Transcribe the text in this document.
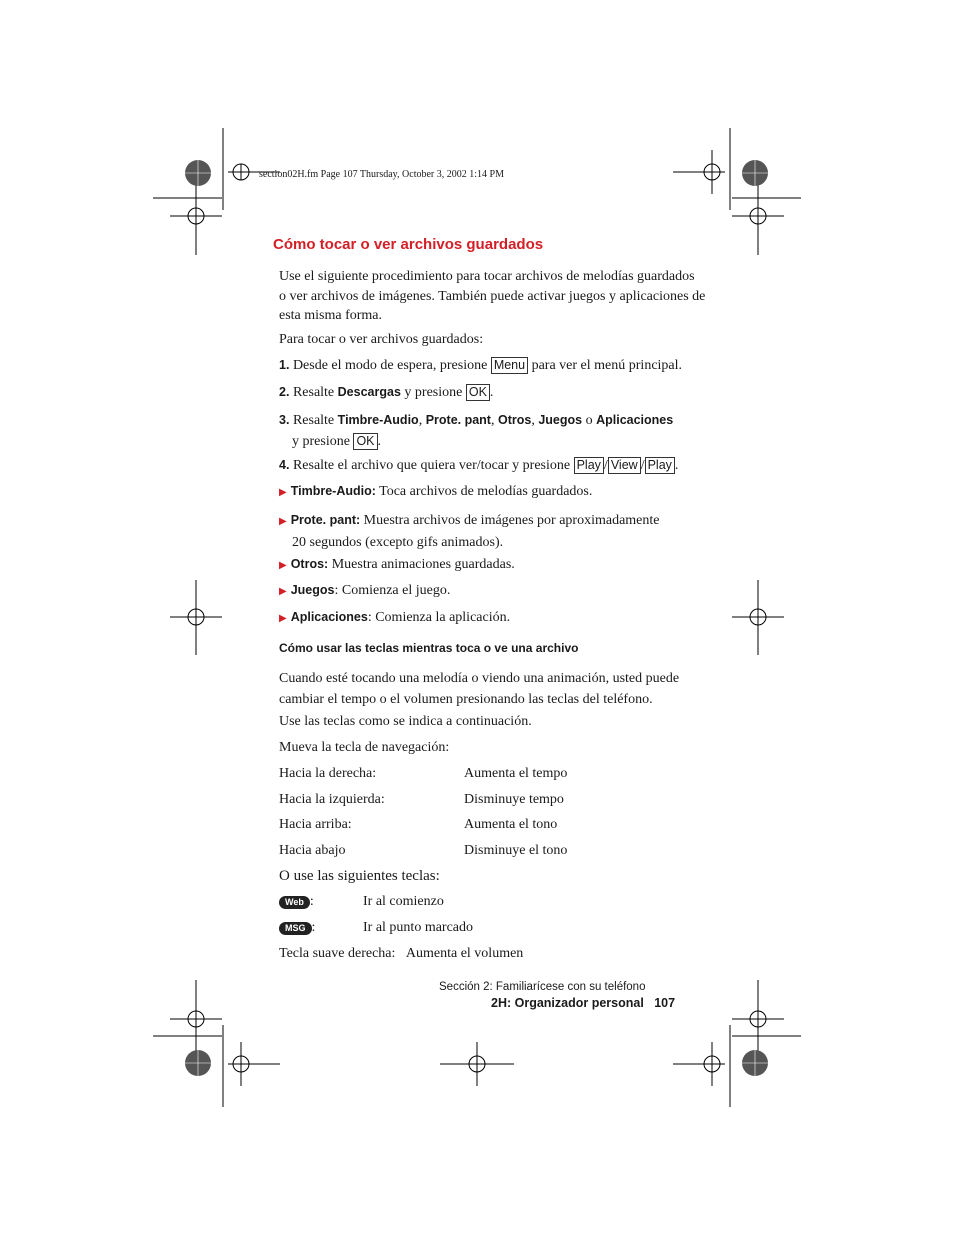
section02H.fm Page 107 Thursday, October 3, 2002 1:14 PM
Cómo tocar o ver archivos guardados
Use el siguiente procedimiento para tocar archivos de melodías guardados
o ver archivos de imágenes. También puede activar juegos y aplicaciones de
esta misma forma.
Para tocar o ver archivos guardados:
1. Desde el modo de espera, presione Menu para ver el menú principal.
2. Resalte Descargas y presione OK .
3. Resalte Timbre-Audio, Prote. pant, Otros, Juegos o Aplicaciones
y presione OK .
4. Resalte el archivo que quiera ver/tocar y presione Play / View / Play .
▶ Timbre-Audio: Toca archivos de melodías guardados.
▶ Prote. pant: Muestra archivos de imágenes por aproximadamente
20 segundos (excepto gifs animados).
▶ Otros: Muestra animaciones guardadas.
▶ Juegos: Comienza el juego.
▶ Aplicaciones: Comienza la aplicación.
Cómo usar las teclas mientras toca o ve una archivo
Cuando esté tocando una melodía o viendo una animación, usted puede
cambiar el tempo o el volumen presionando las teclas del teléfono.
Use las teclas como se indica a continuación.
Mueva la tecla de navegación:
Hacia la derecha:	Aumenta el tempo
Hacia la izquierda:	Disminuye tempo
Hacia arriba:	Aumenta el tono
Hacia abajo	Disminuye el tono
O use las siguientes teclas:
Web :	Ir al comienzo
MSG :	Ir al punto marcado
Tecla suave derecha: Aumenta el volumen
Sección 2: Familiarícese con su teléfono
2H: Organizador personal 107
